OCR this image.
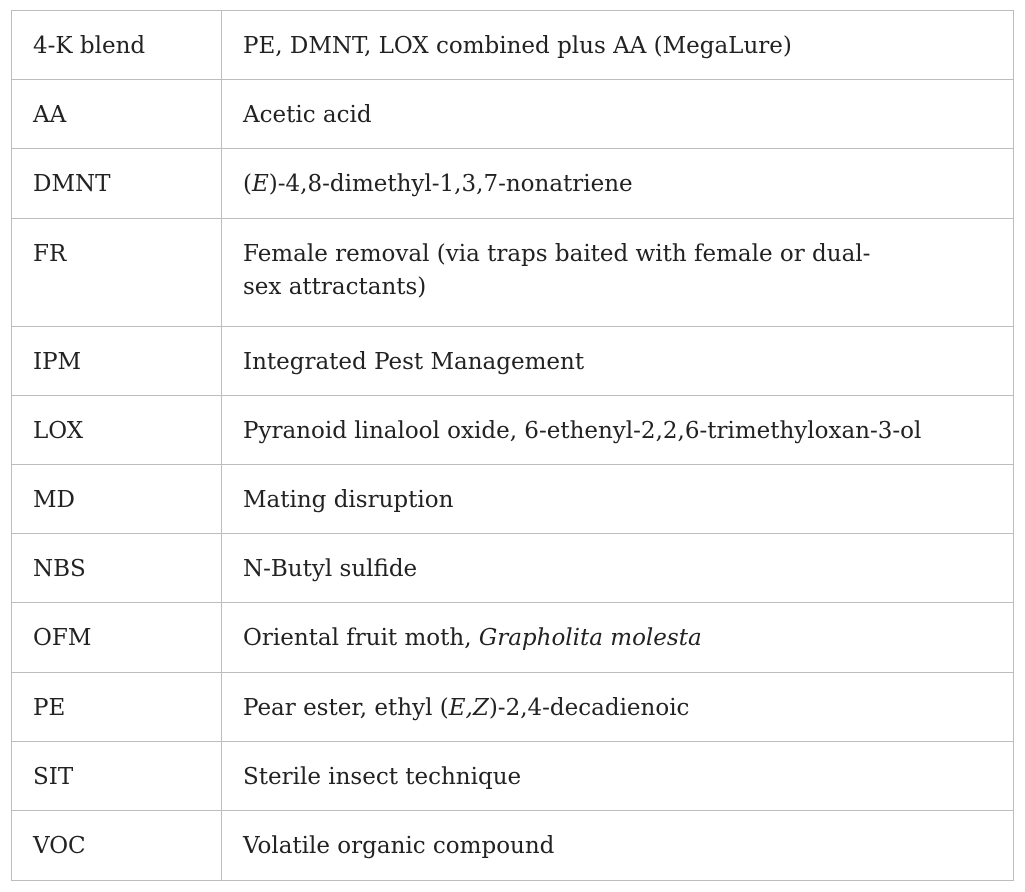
4-K blend	PE, DMNT, LOX combined plus AA (MegaLure)
AA	Acetic acid
DMNT	(E)-4,8-dimethyl-1,3,7-nonatriene
FR	Female removal (via traps baited with female or dual-sex attractants)
IPM	Integrated Pest Management
LOX	Pyranoid linalool oxide, 6-ethenyl-2,2,6-trimethyloxan-3-ol
MD	Mating disruption
NBS	N-Butyl sulfide
OFM	Oriental fruit moth, Grapholita molesta
PE	Pear ester, ethyl (E,Z)-2,4-decadienoic
SIT	Sterile insect technique
VOC	Volatile organic compound
